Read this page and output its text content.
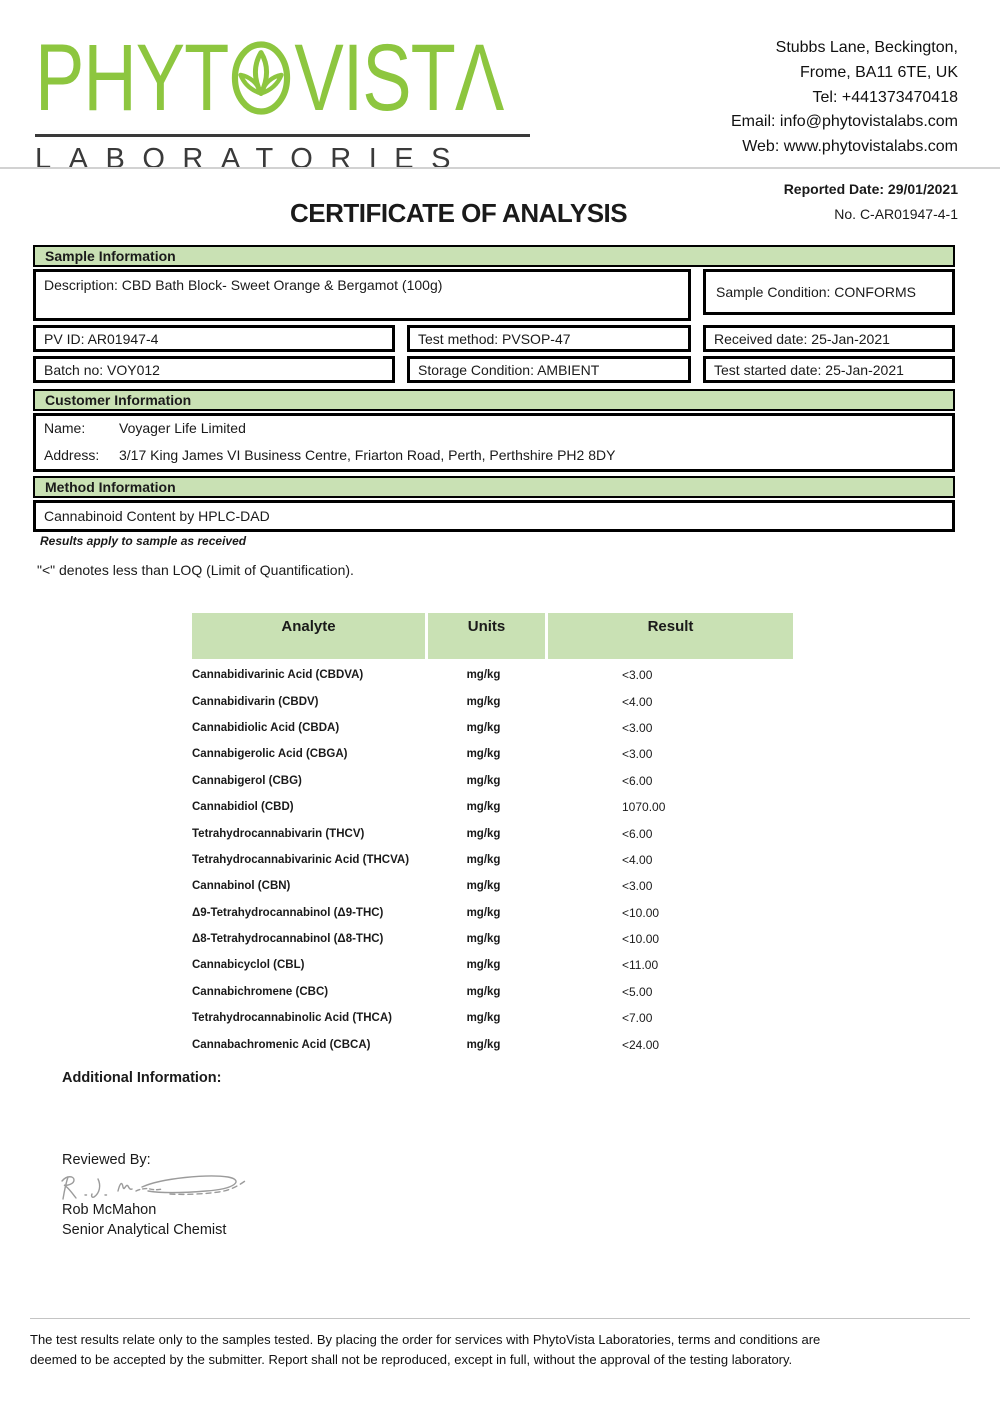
PHYT VISTΛ
LABORATORIES
Stubbs Lane, Beckington,
Frome, BA11 6TE, UK
Tel: +441373470418
Email: info@phytovistalabs.com
Web: www.phytovistalabs.com
Reported Date: 29/01/2021
CERTIFICATE OF ANALYSIS	No. C-AR01947-4-1
Sample Information
Description: CBD Bath Block- Sweet Orange & Bergamot (100g)	Sample Condition: CONFORMS
PV ID: AR01947-4	Test method: PVSOP-47	Received date: 25-Jan-2021
Batch no: VOY012	Storage Condition: AMBIENT	Test started date: 25-Jan-2021
Customer Information
Name:	Voyager Life Limited
Address:	3/17 King James VI Business Centre, Friarton Road, Perth, Perthshire PH2 8DY
Method Information
Cannabinoid Content by HPLC-DAD
Results apply to sample as received
"<" denotes less than LOQ (Limit of Quantification).
Analyte	Units	Result
Cannabidivarinic Acid (CBDVA)	mg/kg	<3.00
Cannabidivarin (CBDV)	mg/kg	<4.00
Cannabidiolic Acid (CBDA)	mg/kg	<3.00
Cannabigerolic Acid (CBGA)	mg/kg	<3.00
Cannabigerol (CBG)	mg/kg	<6.00
Cannabidiol (CBD)	mg/kg	1070.00
Tetrahydrocannabivarin (THCV)	mg/kg	<6.00
Tetrahydrocannabivarinic Acid (THCVA)	mg/kg	<4.00
Cannabinol (CBN)	mg/kg	<3.00
Δ9-Tetrahydrocannabinol (Δ9-THC)	mg/kg	<10.00
Δ8-Tetrahydrocannabinol (Δ8-THC)	mg/kg	<10.00
Cannabicyclol (CBL)	mg/kg	<11.00
Cannabichromene (CBC)	mg/kg	<5.00
Tetrahydrocannabinolic Acid (THCA)	mg/kg	<7.00
Cannabachromenic Acid (CBCA)	mg/kg	<24.00
Additional Information:
Reviewed By:
Rob McMahon
Senior Analytical Chemist
The test results relate only to the samples tested. By placing the order for services with PhytoVista Laboratories, terms and conditions are
deemed to be accepted by the submitter. Report shall not be reproduced, except in full, without the approval of the testing laboratory.
